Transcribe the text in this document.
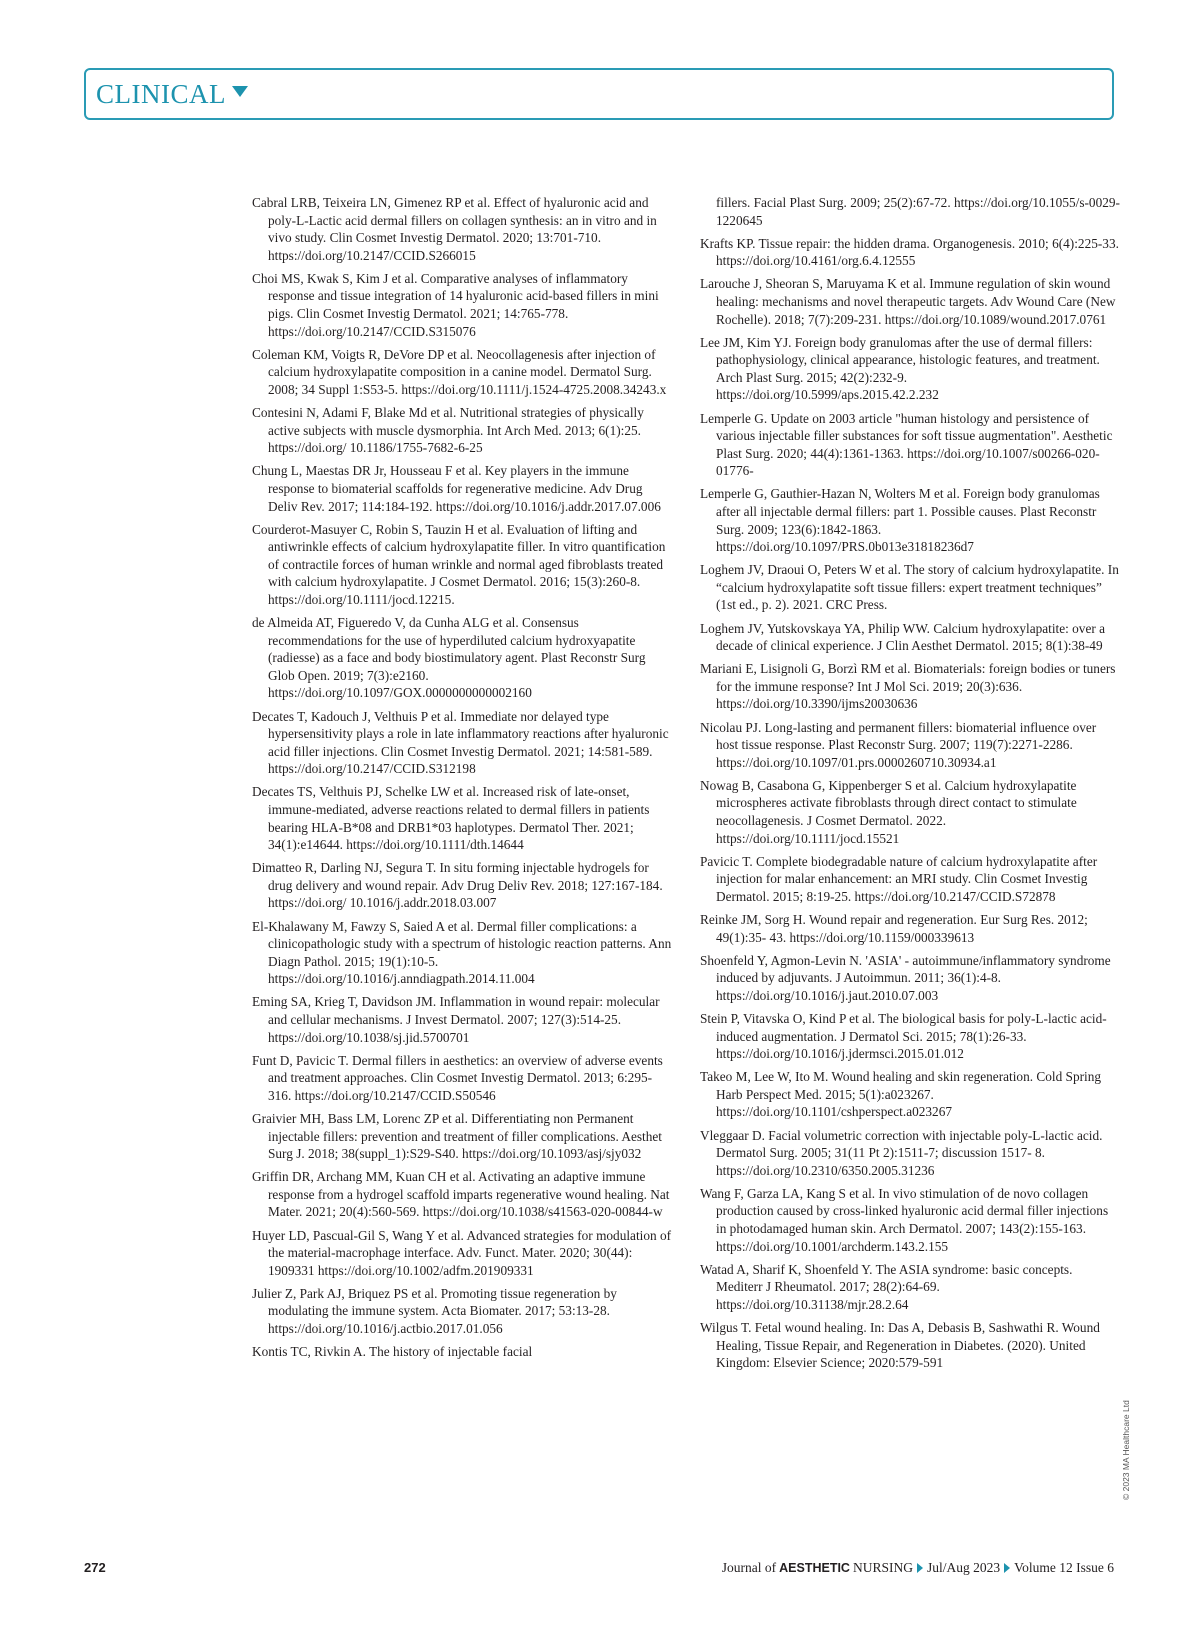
CLINICAL

Cabral LRB, Teixeira LN, Gimenez RP et al. Effect of hyaluronic acid and poly-L-Lactic acid dermal fillers on collagen synthesis: an in vitro and in vivo study. Clin Cosmet Investig Dermatol. 2020; 13:701-710. https://doi.org/10.2147/CCID.S266015

Choi MS, Kwak S, Kim J et al. Comparative analyses of inflammatory response and tissue integration of 14 hyaluronic acid-based fillers in mini pigs. Clin Cosmet Investig Dermatol. 2021; 14:765-778. https://doi.org/10.2147/CCID.S315076

Coleman KM, Voigts R, DeVore DP et al. Neocollagenesis after injection of calcium hydroxylapatite composition in a canine model. Dermatol Surg. 2008; 34 Suppl 1:S53-5. https://doi.org/10.1111/j.1524-4725.2008.34243.x

Contesini N, Adami F, Blake Md et al. Nutritional strategies of physically active subjects with muscle dysmorphia. Int Arch Med. 2013; 6(1):25. https://doi.org/ 10.1186/1755-7682-6-25

Chung L, Maestas DR Jr, Housseau F et al. Key players in the immune response to biomaterial scaffolds for regenerative medicine. Adv Drug Deliv Rev. 2017; 114:184-192. https://doi.org/10.1016/j.addr.2017.07.006

Courderot-Masuyer C, Robin S, Tauzin H et al. Evaluation of lifting and antiwrinkle effects of calcium hydroxylapatite filler. In vitro quantification of contractile forces of human wrinkle and normal aged fibroblasts treated with calcium hydroxylapatite. J Cosmet Dermatol. 2016; 15(3):260-8. https://doi.org/10.1111/jocd.12215.

de Almeida AT, Figueredo V, da Cunha ALG et al. Consensus recommendations for the use of hyperdiluted calcium hydroxyapatite (radiesse) as a face and body biostimulatory agent. Plast Reconstr Surg Glob Open. 2019; 7(3):e2160. https://doi.org/10.1097/GOX.0000000000002160

Decates T, Kadouch J, Velthuis P et al. Immediate nor delayed type hypersensitivity plays a role in late inflammatory reactions after hyaluronic acid filler injections. Clin Cosmet Investig Dermatol. 2021; 14:581-589. https://doi.org/10.2147/CCID.S312198

Decates TS, Velthuis PJ, Schelke LW et al. Increased risk of late-onset, immune-mediated, adverse reactions related to dermal fillers in patients bearing HLA-B*08 and DRB1*03 haplotypes. Dermatol Ther. 2021; 34(1):e14644. https://doi.org/10.1111/dth.14644

Dimatteo R, Darling NJ, Segura T. In situ forming injectable hydrogels for drug delivery and wound repair. Adv Drug Deliv Rev. 2018; 127:167-184. https://doi.org/ 10.1016/j.addr.2018.03.007

El-Khalawany M, Fawzy S, Saied A et al. Dermal filler complications: a clinicopathologic study with a spectrum of histologic reaction patterns. Ann Diagn Pathol. 2015; 19(1):10-5. https://doi.org/10.1016/j.anndiagpath.2014.11.004

Eming SA, Krieg T, Davidson JM. Inflammation in wound repair: molecular and cellular mechanisms. J Invest Dermatol. 2007; 127(3):514-25. https://doi.org/10.1038/sj.jid.5700701

Funt D, Pavicic T. Dermal fillers in aesthetics: an overview of adverse events and treatment approaches. Clin Cosmet Investig Dermatol. 2013; 6:295-316. https://doi.org/10.2147/CCID.S50546

Graivier MH, Bass LM, Lorenc ZP et al. Differentiating non Permanent injectable fillers: prevention and treatment of filler complications. Aesthet Surg J. 2018; 38(suppl_1):S29-S40. https://doi.org/10.1093/asj/sjy032

Griffin DR, Archang MM, Kuan CH et al. Activating an adaptive immune response from a hydrogel scaffold imparts regenerative wound healing. Nat Mater. 2021; 20(4):560-569. https://doi.org/10.1038/s41563-020-00844-w

Huyer LD, Pascual-Gil S, Wang Y et al. Advanced strategies for modulation of the material-macrophage interface. Adv. Funct. Mater. 2020; 30(44): 1909331 https://doi.org/10.1002/adfm.201909331

Julier Z, Park AJ, Briquez PS et al. Promoting tissue regeneration by modulating the immune system. Acta Biomater. 2017; 53:13-28. https://doi.org/10.1016/j.actbio.2017.01.056

Kontis TC, Rivkin A. The history of injectable facial

fillers. Facial Plast Surg. 2009; 25(2):67-72. https://doi.org/10.1055/s-0029-1220645

Krafts KP. Tissue repair: the hidden drama. Organogenesis. 2010; 6(4):225-33. https://doi.org/10.4161/org.6.4.12555

Larouche J, Sheoran S, Maruyama K et al. Immune regulation of skin wound healing: mechanisms and novel therapeutic targets. Adv Wound Care (New Rochelle). 2018; 7(7):209-231. https://doi.org/10.1089/wound.2017.0761

Lee JM, Kim YJ. Foreign body granulomas after the use of dermal fillers: pathophysiology, clinical appearance, histologic features, and treatment. Arch Plast Surg. 2015; 42(2):232-9. https://doi.org/10.5999/aps.2015.42.2.232

Lemperle G. Update on 2003 article "human histology and persistence of various injectable filler substances for soft tissue augmentation". Aesthetic Plast Surg. 2020; 44(4):1361-1363. https://doi.org/10.1007/s00266-020-01776-

Lemperle G, Gauthier-Hazan N, Wolters M et al. Foreign body granulomas after all injectable dermal fillers: part 1. Possible causes. Plast Reconstr Surg. 2009; 123(6):1842-1863. https://doi.org/10.1097/PRS.0b013e31818236d7

Loghem JV, Draoui O, Peters W et al. The story of calcium hydroxylapatite. In “calcium hydroxylapatite soft tissue fillers: expert treatment techniques” (1st ed., p. 2). 2021. CRC Press.

Loghem JV, Yutskovskaya YA, Philip WW. Calcium hydroxylapatite: over a decade of clinical experience. J Clin Aesthet Dermatol. 2015; 8(1):38-49

Mariani E, Lisignoli G, Borzì RM et al. Biomaterials: foreign bodies or tuners for the immune response? Int J Mol Sci. 2019; 20(3):636. https://doi.org/10.3390/ijms20030636

Nicolau PJ. Long-lasting and permanent fillers: biomaterial influence over host tissue response. Plast Reconstr Surg. 2007; 119(7):2271-2286. https://doi.org/10.1097/01.prs.0000260710.30934.a1

Nowag B, Casabona G, Kippenberger S et al. Calcium hydroxylapatite microspheres activate fibroblasts through direct contact to stimulate neocollagenesis. J Cosmet Dermatol. 2022. https://doi.org/10.1111/jocd.15521

Pavicic T. Complete biodegradable nature of calcium hydroxylapatite after injection for malar enhancement: an MRI study. Clin Cosmet Investig Dermatol. 2015; 8:19-25. https://doi.org/10.2147/CCID.S72878

Reinke JM, Sorg H. Wound repair and regeneration. Eur Surg Res. 2012; 49(1):35- 43. https://doi.org/10.1159/000339613

Shoenfeld Y, Agmon-Levin N. 'ASIA' - autoimmune/inflammatory syndrome induced by adjuvants. J Autoimmun. 2011; 36(1):4-8. https://doi.org/10.1016/j.jaut.2010.07.003

Stein P, Vitavska O, Kind P et al. The biological basis for poly-L-lactic acid-induced augmentation. J Dermatol Sci. 2015; 78(1):26-33. https://doi.org/10.1016/j.jdermsci.2015.01.012

Takeo M, Lee W, Ito M. Wound healing and skin regeneration. Cold Spring Harb Perspect Med. 2015; 5(1):a023267. https://doi.org/10.1101/cshperspect.a023267

Vleggaar D. Facial volumetric correction with injectable poly-L-lactic acid. Dermatol Surg. 2005; 31(11 Pt 2):1511-7; discussion 1517- 8. https://doi.org/10.2310/6350.2005.31236

Wang F, Garza LA, Kang S et al. In vivo stimulation of de novo collagen production caused by cross-linked hyaluronic acid dermal filler injections in photodamaged human skin. Arch Dermatol. 2007; 143(2):155-163. https://doi.org/10.1001/archderm.143.2.155

Watad A, Sharif K, Shoenfeld Y. The ASIA syndrome: basic concepts. Mediterr J Rheumatol. 2017; 28(2):64-69. https://doi.org/10.31138/mjr.28.2.64

Wilgus T. Fetal wound healing. In: Das A, Debasis B, Sashwathi R. Wound Healing, Tissue Repair, and Regeneration in Diabetes. (2020). United Kingdom: Elsevier Science; 2020:579-591

© 2023 MA Healthcare Ltd
272	Journal of AESTHETIC NURSING Jul/Aug 2023 Volume 12 Issue 6
